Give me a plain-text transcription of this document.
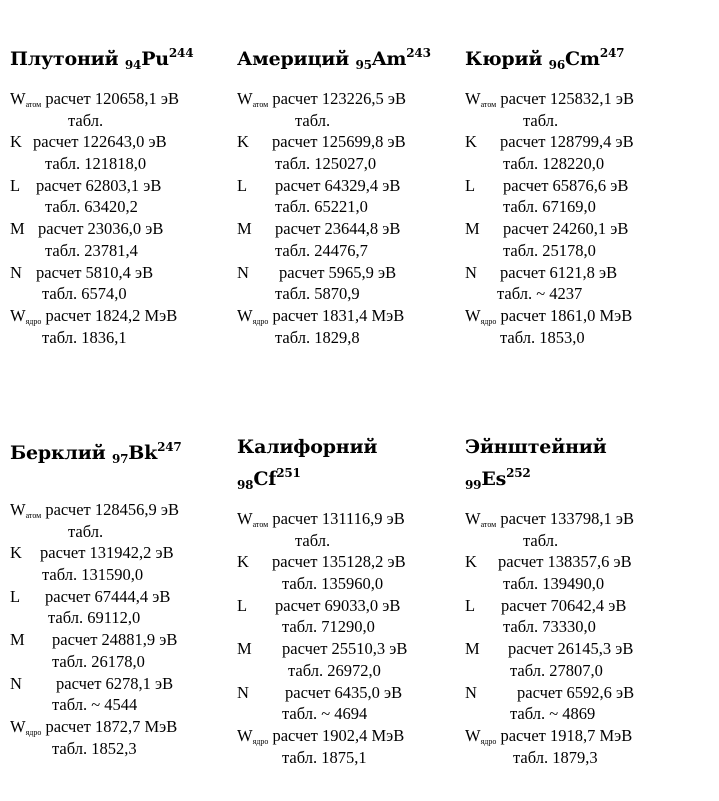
Плутоний $_{94}Pu^{244}$
$W_{атом}$ расчет 120658,1 эВ
табл.
K расчет 122643,0 эВ
табл. 121818,0
L расчет 62803,1 эВ
табл. 63420,2
M расчет 23036,0 эВ
табл. 23781,4
N расчет 5810,4 эВ
табл. 6574,0
$W_{ядро}$ расчет 1824,2 МэВ
табл. 1836,1
Америций $_{95}Am^{243}$
$W_{атом}$ расчет 123226,5 эВ
табл.
K расчет 125699,8 эВ
табл. 125027,0
L расчет 64329,4 эВ
табл. 65221,0
M расчет 23644,8 эВ
табл. 24476,7
N расчет 5965,9 эВ
табл. 5870,9
$W_{ядро}$ расчет 1831,4 МэВ
табл. 1829,8
Кюрий $_{96}Cm^{247}$
$W_{атом}$ расчет 125832,1 эВ
табл.
K расчет 128799,4 эВ
табл. 128220,0
L расчет 65876,6 эВ
табл. 67169,0
M расчет 24260,1 эВ
табл. 25178,0
N расчет 6121,8 эВ
табл. ~ 4237
$W_{ядро}$ расчет 1861,0 МэВ
табл. 1853,0
Берклий $_{97}Bk^{247}$
$W_{атом}$ расчет 128456,9 эВ
табл.
K расчет 131942,2 эВ
табл. 131590,0
L расчет 67444,4 эВ
табл. 69112,0
M расчет 24881,9 эВ
табл. 26178,0
N расчет 6278,1 эВ
табл. ~ 4544
$W_{ядро}$ расчет 1872,7 МэВ
табл. 1852,3
Калифорний
$_{98}Cf^{251}$
$W_{атом}$ расчет 131116,9 эВ
табл.
K расчет 135128,2 эВ
табл. 135960,0
L расчет 69033,0 эВ
табл. 71290,0
M расчет 25510,3 эВ
табл. 26972,0
N расчет 6435,0 эВ
табл. ~ 4694
$W_{ядро}$ расчет 1902,4 МэВ
табл. 1875,1
Эйнштейний
$_{99}Es^{252}$
$W_{атом}$ расчет 133798,1 эВ
табл.
K расчет 138357,6 эВ
табл. 139490,0
L расчет 70642,4 эВ
табл. 73330,0
M расчет 26145,3 эВ
табл. 27807,0
N расчет 6592,6 эВ
табл. ~ 4869
$W_{ядро}$ расчет 1918,7 МэВ
табл. 1879,3
